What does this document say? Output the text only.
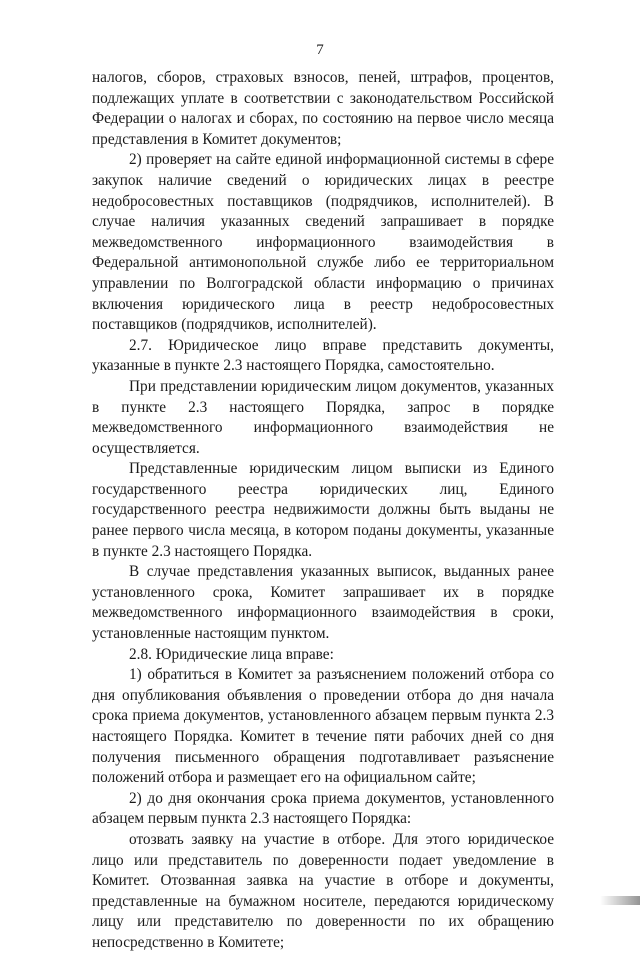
7

налогов, сборов, страховых взносов, пеней, штрафов, процентов, подлежащих уплате в соответствии с законодательством Российской Федерации о налогах и сборах, по состоянию на первое число месяца представления в Комитет документов;

2) проверяет на сайте единой информационной системы в сфере закупок наличие сведений о юридических лицах в реестре недобросовестных поставщиков (подрядчиков, исполнителей). В случае наличия указанных сведений запрашивает в порядке межведомственного информационного взаимодействия в Федеральной антимонопольной службе либо ее территориальном управлении по Волгоградской области информацию о причинах включения юридического лица в реестр недобросовестных поставщиков (подрядчиков, исполнителей).

2.7. Юридическое лицо вправе представить документы, указанные в пункте 2.3 настоящего Порядка, самостоятельно.

При представлении юридическим лицом документов, указанных в пункте 2.3 настоящего Порядка, запрос в порядке межведомственного информационного взаимодействия не осуществляется.

Представленные юридическим лицом выписки из Единого государственного реестра юридических лиц, Единого государственного реестра недвижимости должны быть выданы не ранее первого числа месяца, в котором поданы документы, указанные в пункте 2.3 настоящего Порядка.

В случае представления указанных выписок, выданных ранее установленного срока, Комитет запрашивает их в порядке межведомственного информационного взаимодействия в сроки, установленные настоящим пунктом.

2.8. Юридические лица вправе:

1) обратиться в Комитет за разъяснением положений отбора со дня опубликования объявления о проведении отбора до дня начала срока приема документов, установленного абзацем первым пункта 2.3 настоящего Порядка. Комитет в течение пяти рабочих дней со дня получения письменного обращения подготавливает разъяснение положений отбора и размещает его на официальном сайте;

2) до дня окончания срока приема документов, установленного абзацем первым пункта 2.3 настоящего Порядка:

отозвать заявку на участие в отборе. Для этого юридическое лицо или представитель по доверенности подает уведомление в Комитет. Отозванная заявка на участие в отборе и документы, представленные на бумажном носителе, передаются юридическому лицу или представителю по доверенности по их обращению непосредственно в Комитете;
